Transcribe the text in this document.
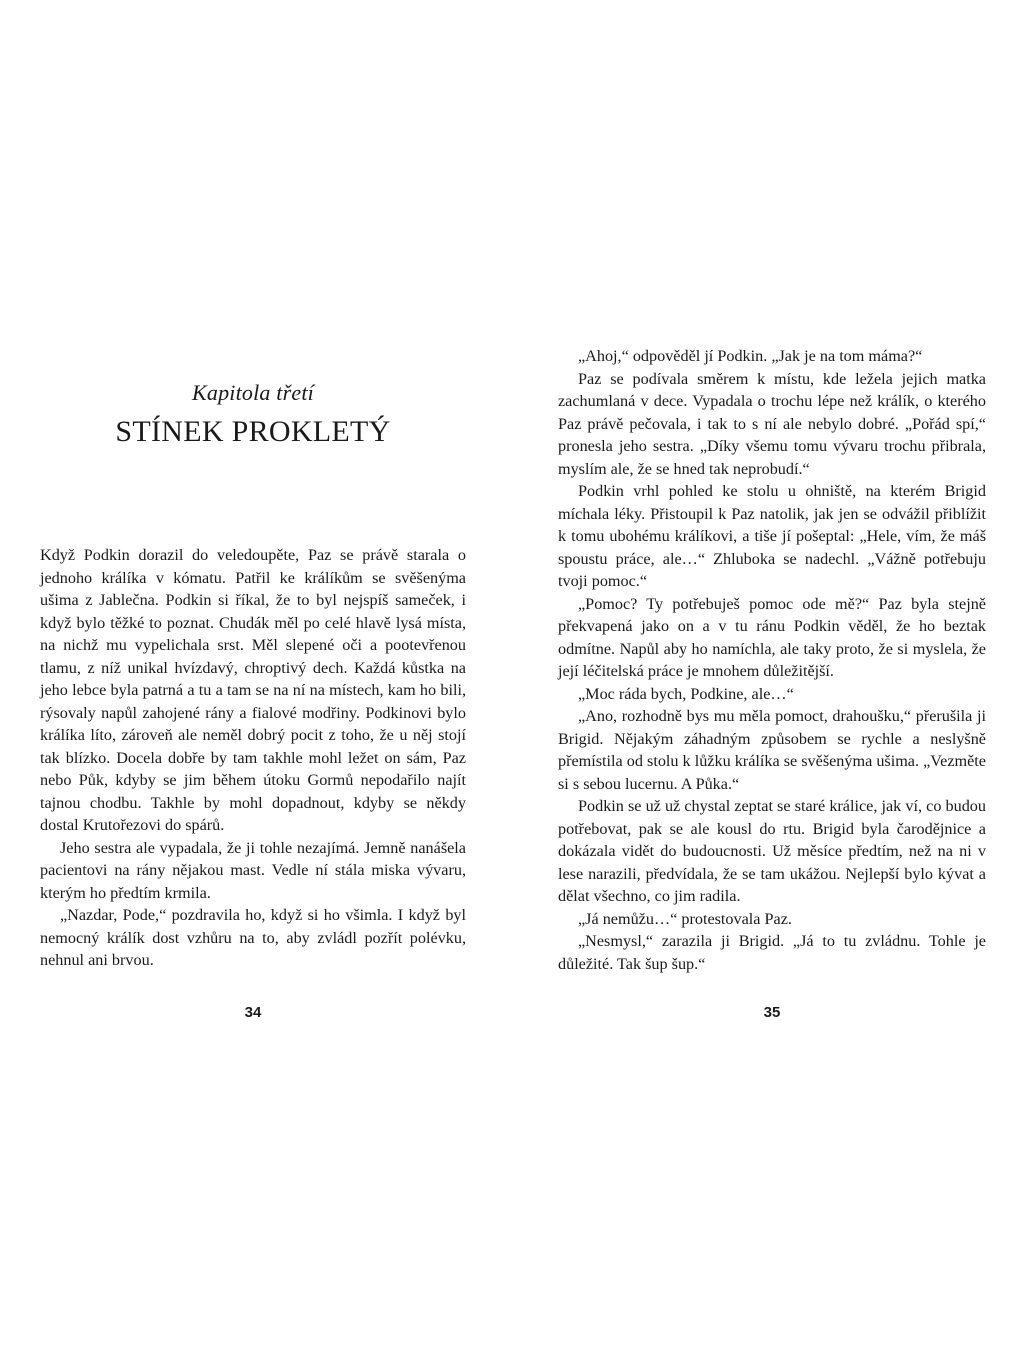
Kapitola třetí
STÍNEK PROKLETÝ

Když Podkin dorazil do veledoupěte, Paz se právě starala o jednoho králíka v kómatu. Patřil ke králíkům se svěšenýma ušima z Jablečna. Podkin si říkal, že to byl nejspíš sameček, i když bylo těžké to poznat. Chudák měl po celé hlavě lysá místa, na nichž mu vypelichala srst. Měl slepené oči a pootevřenou tlamu, z níž unikal hvízdavý, chroptivý dech. Každá kůstka na jeho lebce byla patrná a tu a tam se na ní na místech, kam ho bili, rýsovaly napůl zahojené rány a fialové modřiny. Podkinovi bylo králíka líto, zároveň ale neměl dobrý pocit z toho, že u něj stojí tak blízko. Docela dobře by tam takhle mohl ležet on sám, Paz nebo Půk, kdyby se jim během útoku Gormů nepodařilo najít tajnou chodbu. Takhle by mohl dopadnout, kdyby se někdy dostal Krutořezovi do spárů.

Jeho sestra ale vypadala, že ji tohle nezajímá. Jemně nanášela pacientovi na rány nějakou mast. Vedle ní stála miska vývaru, kterým ho předtím krmila.

„Nazdar, Pode,“ pozdravila ho, když si ho všimla. I když byl nemocný králík dost vzhůru na to, aby zvládl pozřít polévku, nehnul ani brvou.

34

„Ahoj,“ odpověděl jí Podkin. „Jak je na tom máma?“

Paz se podívala směrem k místu, kde ležela jejich matka zachumlaná v dece. Vypadala o trochu lépe než králík, o kterého Paz právě pečovala, i tak to s ní ale nebylo dobré. „Pořád spí,“ pronesla jeho sestra. „Díky všemu tomu vývaru trochu přibrala, myslím ale, že se hned tak neprobudí.“

Podkin vrhl pohled ke stolu u ohniště, na kterém Brigid míchala léky. Přistoupil k Paz natolik, jak jen se odvážil přiblížit k tomu ubohému králíkovi, a tiše jí pošeptal: „Hele, vím, že máš spoustu práce, ale…“ Zhluboka se nadechl. „Vážně potřebuju tvoji pomoc.“

„Pomoc? Ty potřebuješ pomoc ode mě?“ Paz byla stejně překvapená jako on a v tu ránu Podkin věděl, že ho beztak odmítne. Napůl aby ho namíchla, ale taky proto, že si myslela, že její léčitelská práce je mnohem důležitější.

„Moc ráda bych, Podkine, ale…“

„Ano, rozhodně bys mu měla pomoct, drahoušku,“ přerušila ji Brigid. Nějakým záhadným způsobem se rychle a neslyšně přemístila od stolu k lůžku králíka se svěšenýma ušima. „Vezměte si s sebou lucernu. A Půka.“

Podkin se už už chystal zeptat se staré králice, jak ví, co budou potřebovat, pak se ale kousl do rtu. Brigid byla čarodějnice a dokázala vidět do budoucnosti. Už měsíce předtím, než na ni v lese narazili, předvídala, že se tam ukážou. Nejlepší bylo kývat a dělat všechno, co jim radila.

„Já nemůžu…“ protestovala Paz.

„Nesmysl,“ zarazila ji Brigid. „Já to tu zvládnu. Tohle je důležité. Tak šup šup.“

35
